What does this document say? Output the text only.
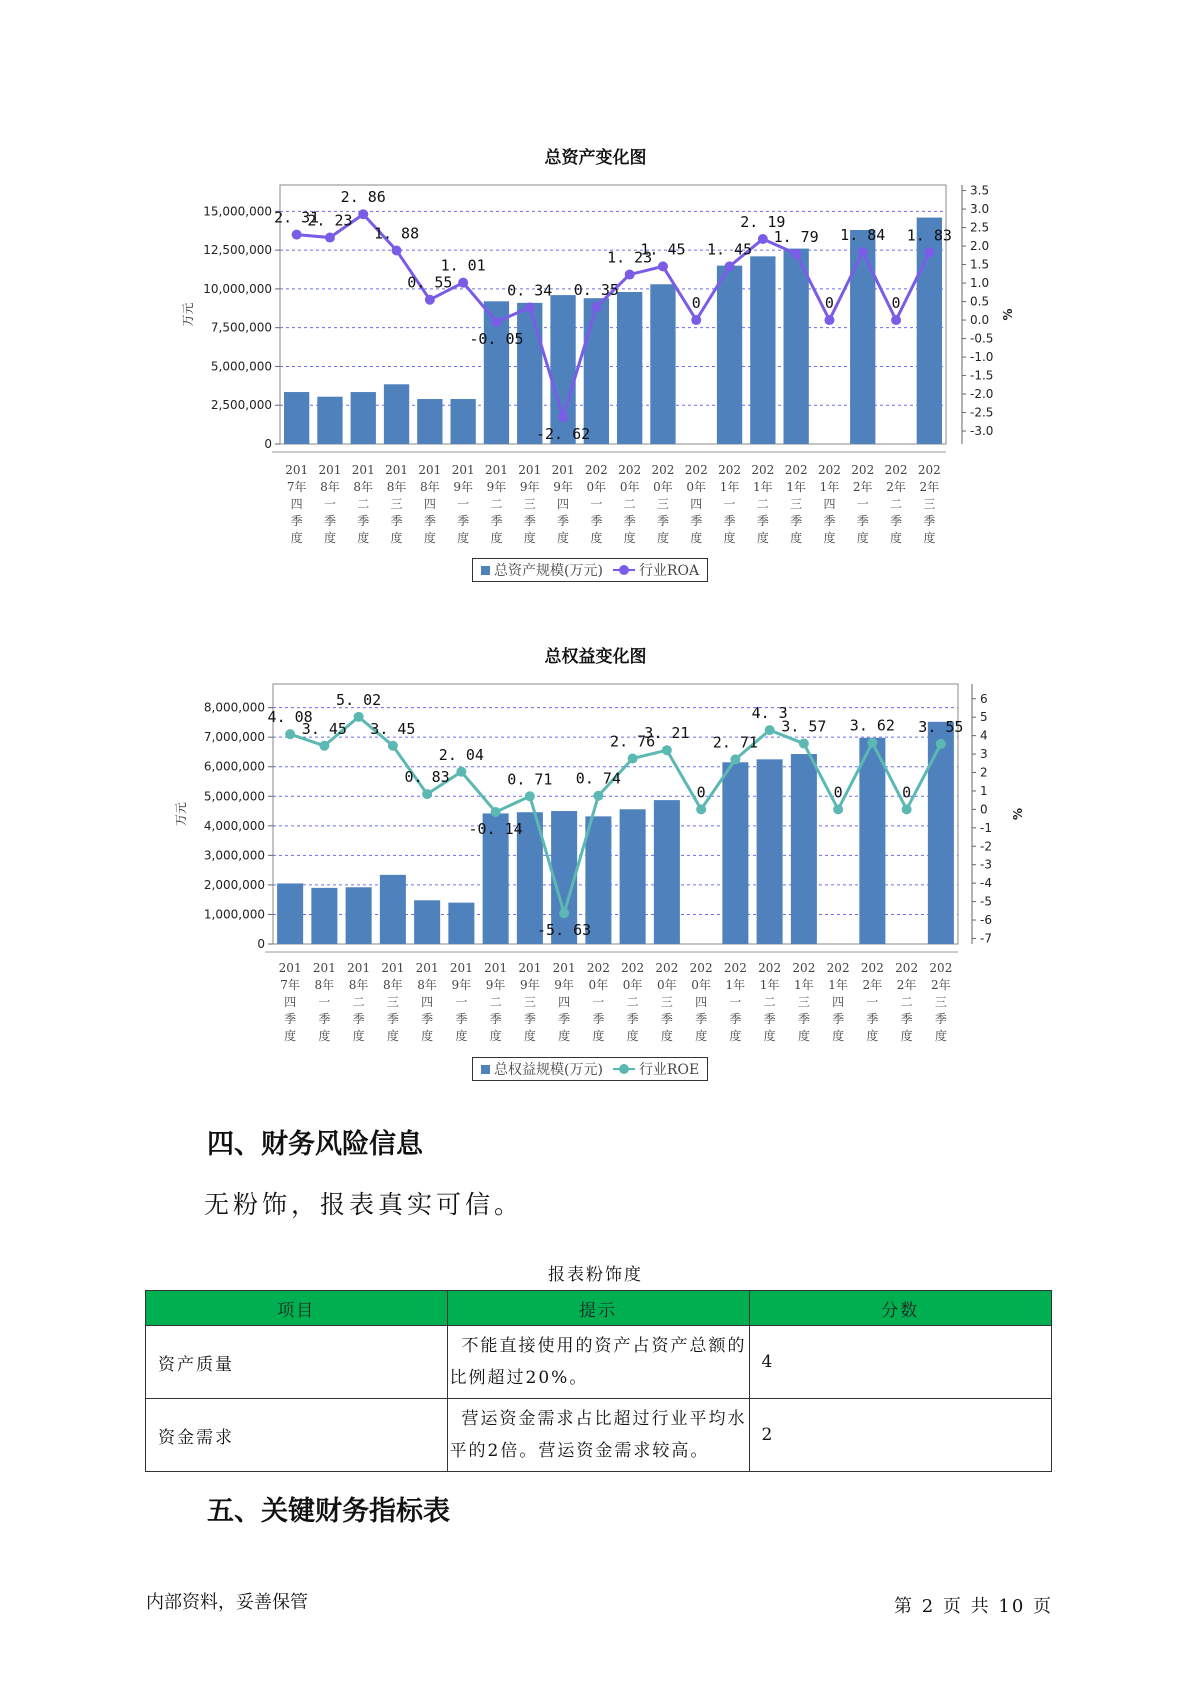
总资产变化图
0
2,500,000
5,000,000
7,500,000
10,000,000
12,500,000
15,000,000
万元
3.5
3.0
2.5
2.0
1.5
1.0
0.5
0.0
-0.5
-1.0
-1.5
-2.0
-2.5
-3.0
%
201
7年
四
季
度
201
8年
一
季
度
201
8年
二
季
度
201
8年
三
季
度
201
8年
四
季
度
201
9年
一
季
度
201
9年
二
季
度
201
9年
三
季
度
201
9年
四
季
度
202
0年
一
季
度
202
0年
二
季
度
202
0年
三
季
度
202
0年
四
季
度
202
1年
一
季
度
202
1年
二
季
度
202
1年
三
季
度
202
1年
四
季
度
202
2年
一
季
度
202
2年
二
季
度
202
2年
三
季
度
2. 31
2. 23
2. 86
1. 88
0. 55
1. 01
-0. 05
0. 34
-2. 62
0. 35
1. 23
1. 45
0
1. 45
2. 19
1. 79
0
1. 84
0
1. 83
总资产规模(万元)	行业ROA
总权益变化图
0
1,000,000
2,000,000
3,000,000
4,000,000
5,000,000
6,000,000
7,000,000
8,000,000
万元
6
5
4
3
2
1
0
-1
-2
-3
-4
-5
-6
-7
%
201
7年
四
季
度
201
8年
一
季
度
201
8年
二
季
度
201
8年
三
季
度
201
8年
四
季
度
201
9年
一
季
度
201
9年
二
季
度
201
9年
三
季
度
201
9年
四
季
度
202
0年
一
季
度
202
0年
二
季
度
202
0年
三
季
度
202
0年
四
季
度
202
1年
一
季
度
202
1年
二
季
度
202
1年
三
季
度
202
1年
四
季
度
202
2年
一
季
度
202
2年
二
季
度
202
2年
三
季
度
4. 08
3. 45
5. 02
3. 45
0. 83
2. 04
-0. 14
0. 71
-5. 63
0. 74
2. 76
3. 21
0
2. 71
4. 3
3. 57
0
3. 62
0
3. 55
总权益规模(万元)	行业ROE
四、财务风险信息
无粉饰，报表真实可信。
报表粉饰度
项目	提示	分数
资产质量	不能直接使用的资产占资产总额的比例超过20%。	4
资金需求	营运资金需求占比超过行业平均水平的2倍。营运资金需求较高。	2
五、关键财务指标表
内部资料，妥善保管	第 2 页 共 10 页
